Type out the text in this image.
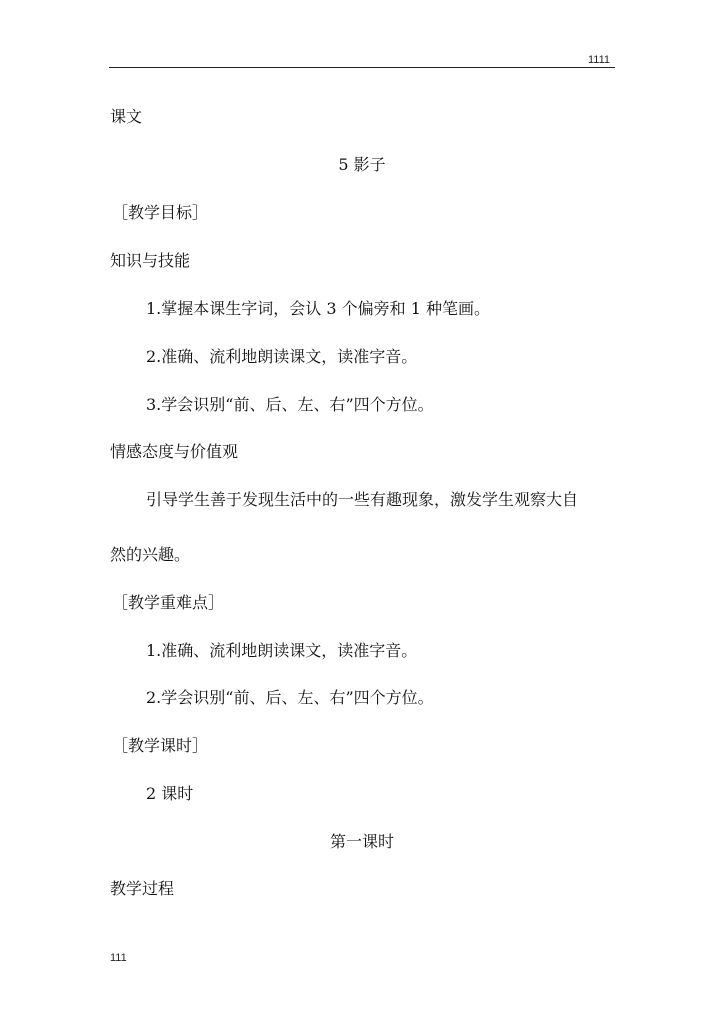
1111
课文
5 影子
［教学目标］
知识与技能
1.掌握本课生字词，会认 3 个偏旁和 1 种笔画。
2.准确、流利地朗读课文，读准字音。
3.学会识别“前、后、左、右”四个方位。
情感态度与价值观
引导学生善于发现生活中的一些有趣现象，激发学生观察大自
然的兴趣。
［教学重难点］
1.准确、流利地朗读课文，读准字音。
2.学会识别“前、后、左、右”四个方位。
［教学课时］
2 课时
第一课时
教学过程
111
